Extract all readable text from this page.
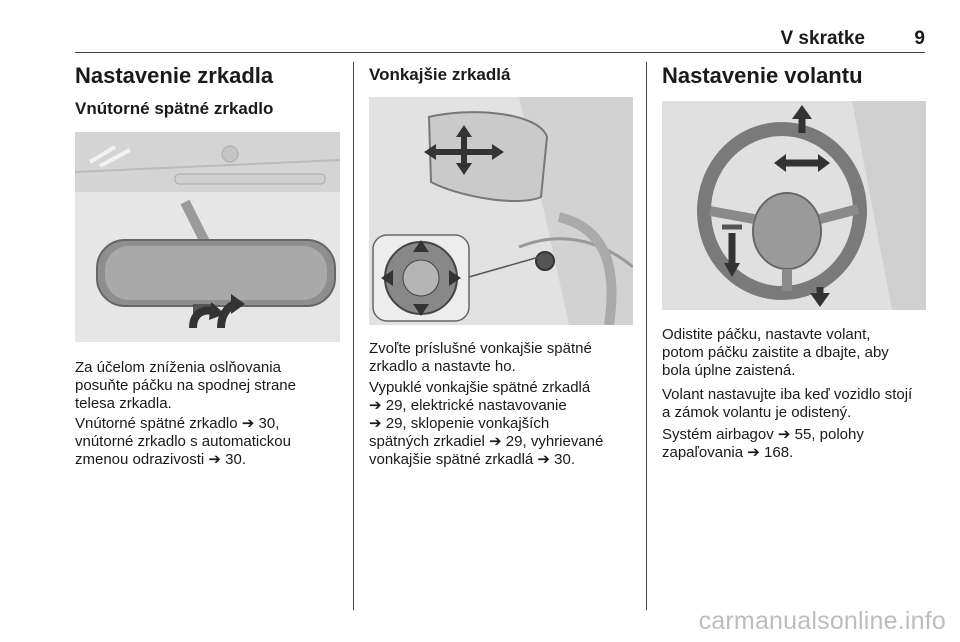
V skratke	9
Nastavenie zrkadla
Vnútorné spätné zrkadlo
Za účelom zníženia oslňovania
posuňte páčku na spodnej strane
telesa zrkadla.
Vnútorné spätné zrkadlo ➔ 30,
vnútorné zrkadlo s automatickou
zmenou odrazivosti ➔ 30.
Vonkajšie zrkadlá
Zvoľte príslušné vonkajšie spätné
zrkadlo a nastavte ho.
Vypuklé vonkajšie spätné zrkadlá
➔ 29, elektrické nastavovanie
➔ 29, sklopenie vonkajších
spätných zrkadiel ➔ 29, vyhrievané
vonkajšie spätné zrkadlá ➔ 30.
Nastavenie volantu
Odistite páčku, nastavte volant,
potom páčku zaistite a dbajte, aby
bola úplne zaistená.
Volant nastavujte iba keď vozidlo stojí
a zámok volantu je odistený.
Systém airbagov ➔ 55, polohy
zapaľovania ➔ 168.
carmanualsonline.info
